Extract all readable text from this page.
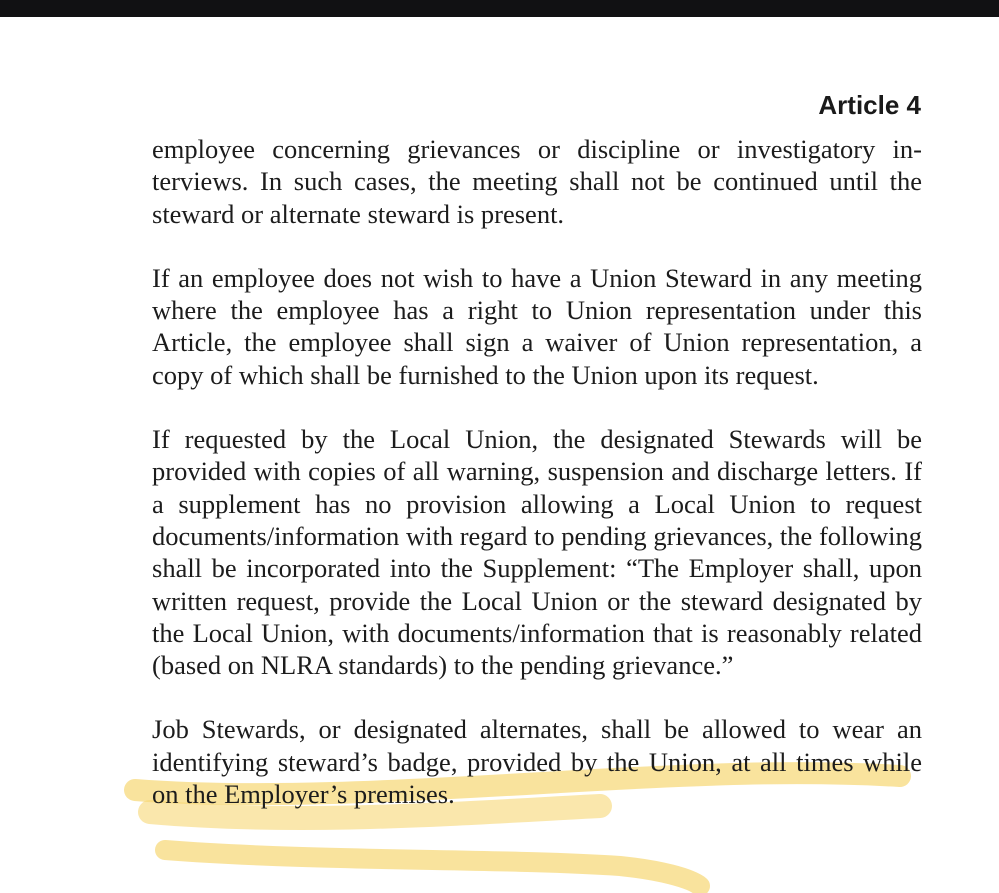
Article 4

employee concerning grievances or discipline or investigatory interviews. In such cases, the meeting shall not be continued until the steward or alternate steward is present.

If an employee does not wish to have a Union Steward in any meeting where the employee has a right to Union representation under this Article, the employee shall sign a waiver of Union representation, a copy of which shall be furnished to the Union upon its request.

If requested by the Local Union, the designated Stewards will be provided with copies of all warning, suspension and discharge letters. If a supplement has no provision allowing a Local Union to request documents/information with regard to pending grievances, the following shall be incorporated into the Supplement: “The Employer shall, upon written request, provide the Local Union or the steward designated by the Local Union, with documents/information that is reasonably related (based on NLRA standards) to the pending grievance.”

Job Stewards, or designated alternates, shall be allowed to wear an identifying steward’s badge, provided by the Union, at all times while on the Employer’s premises.
